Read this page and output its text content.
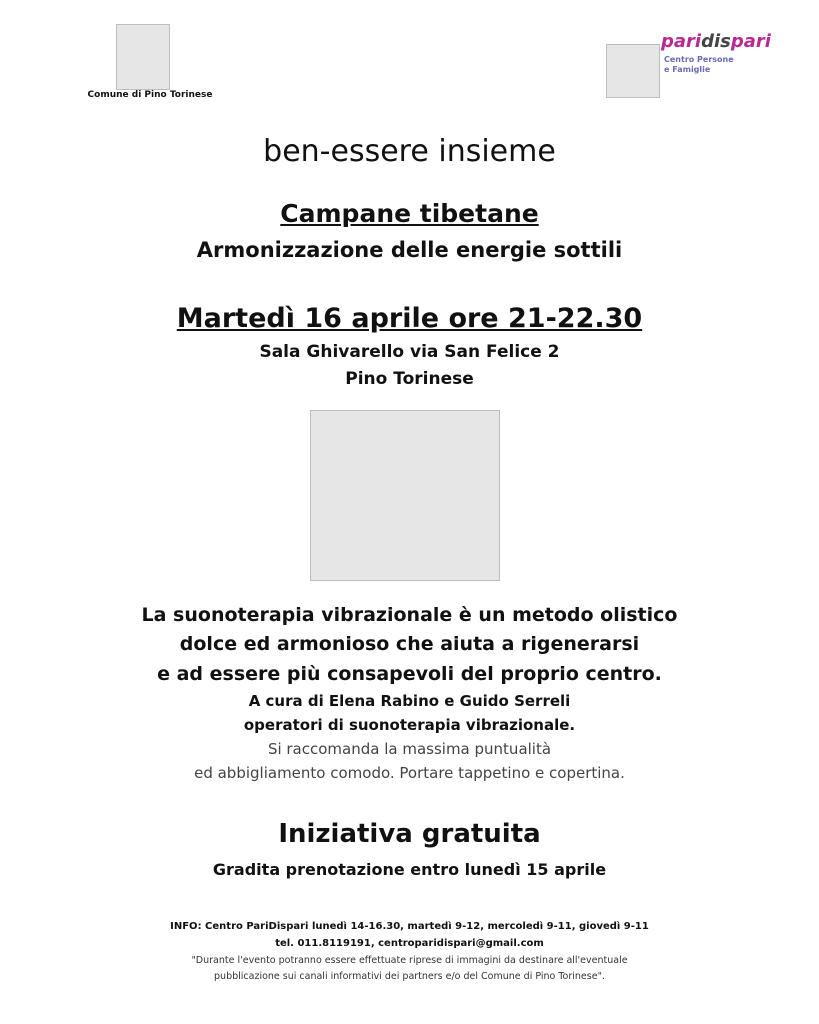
Comune di Pino Torinese
paridispari
Centro Persone
e Famiglie
ben-essere insieme
Campane tibetane
Armonizzazione delle energie sottili
Martedì 16 aprile ore 21-22.30
Sala Ghivarello via San Felice 2
Pino Torinese
La suonoterapia vibrazionale è un metodo olistico
dolce ed armonioso che aiuta a rigenerarsi
e ad essere più consapevoli del proprio centro.
A cura di Elena Rabino e Guido Serreli
operatori di suonoterapia vibrazionale.
Si raccomanda la massima puntualità
ed abbigliamento comodo. Portare tappetino e copertina.
Iniziativa gratuita
Gradita prenotazione entro lunedì 15 aprile
INFO: Centro PariDispari lunedì 14-16.30, martedì 9-12, mercoledì 9-11, giovedì 9-11
tel. 011.8119191, centroparidispari@gmail.com
"Durante l'evento potranno essere effettuate riprese di immagini da destinare all'eventuale
pubblicazione sui canali informativi dei partners e/o del Comune di Pino Torinese".
